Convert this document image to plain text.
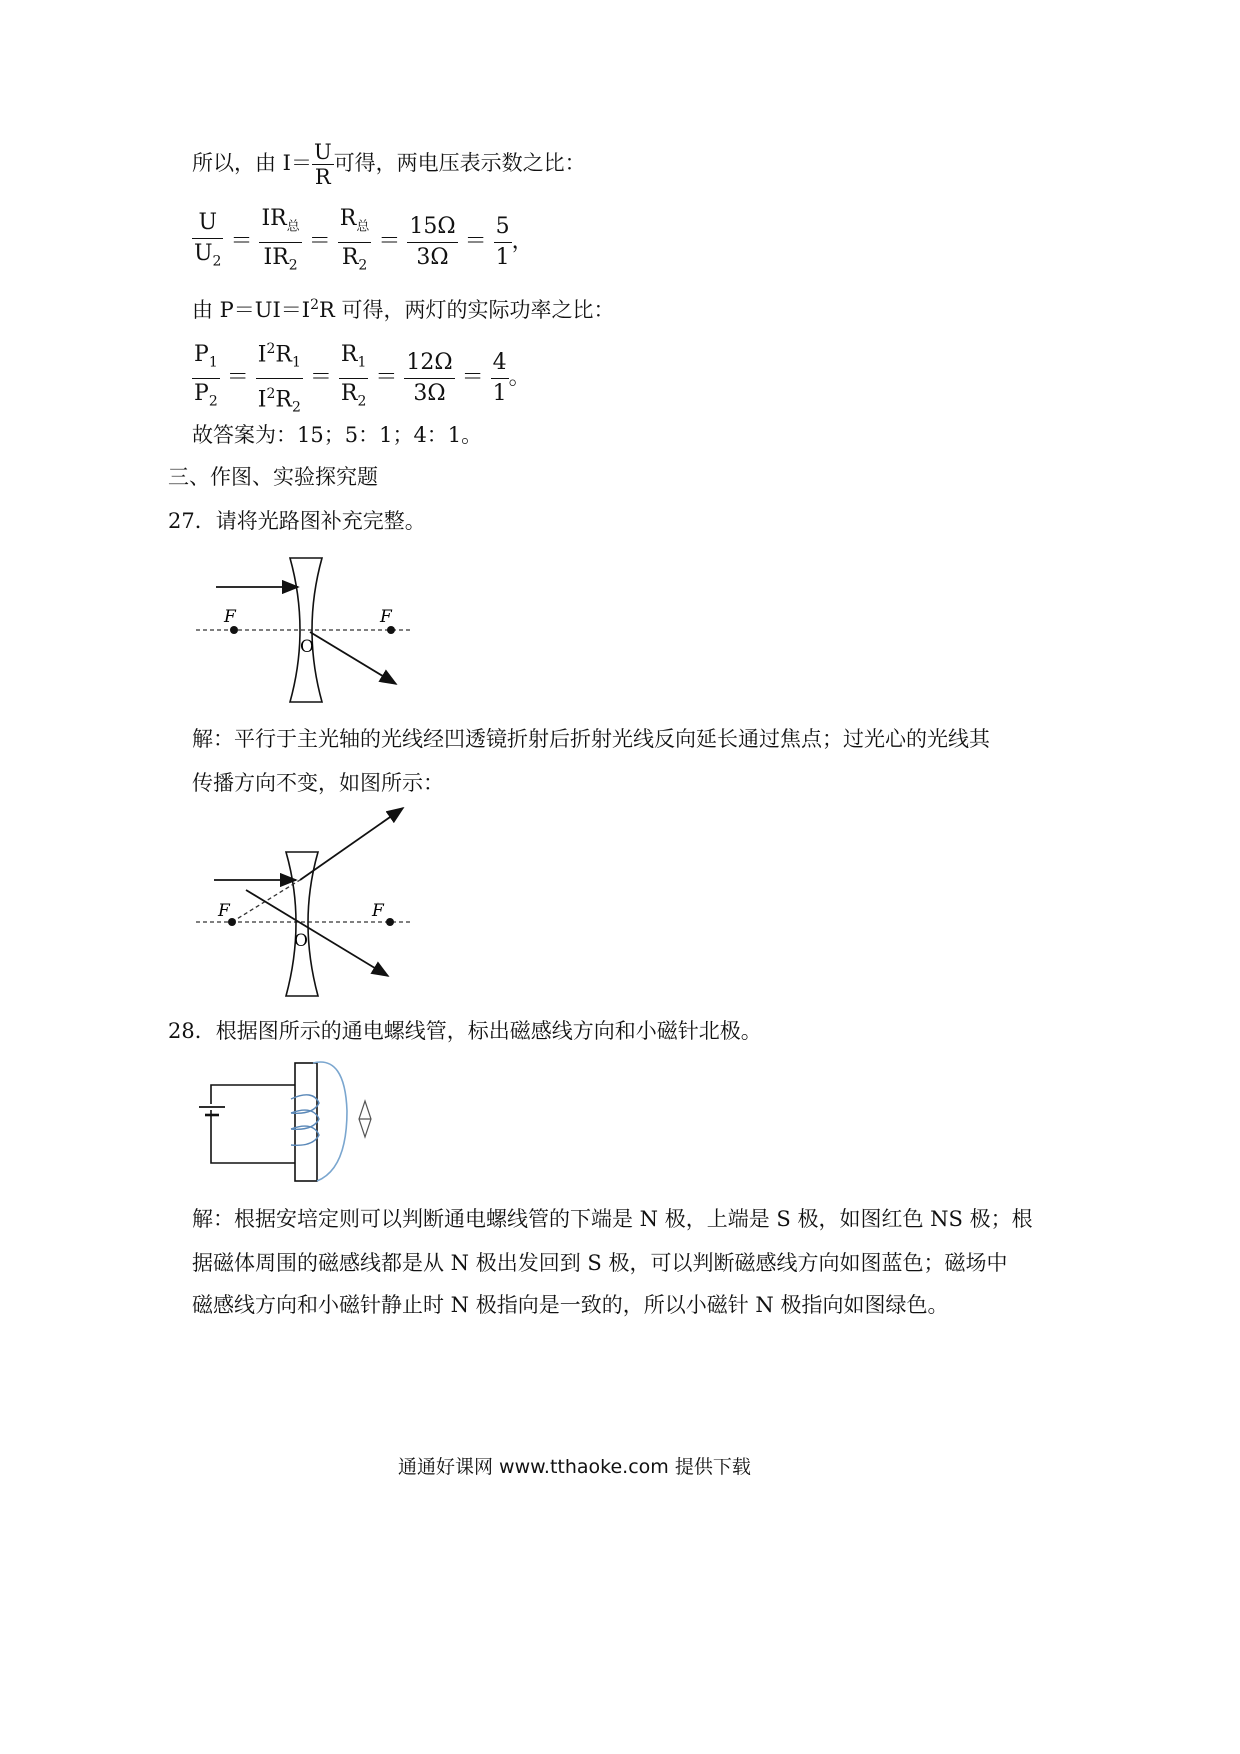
所以，由 $I= \frac{U}{R}$ 可得，两电压表示数之比：
$\frac{U}{U_2} = \frac{IR_总}{IR_2} = \frac{R_总}{R_2} = \frac{15\Omega}{3\Omega} = \frac{5}{1}$ ，
由 $P=UI=I^2R$ 可得，两灯的实际功率之比：
$\frac{P_1}{P_2} = \frac{I^2R_1}{I^2R_2} = \frac{R_1}{R_2} = \frac{12\Omega}{3\Omega} = \frac{4}{1}$ 。
故答案为：15；5：1；4：1。
三、作图、实验探究题
27．请将光路图补充完整。
F	F
O
解：平行于主光轴的光线经凹透镜折射后折射光线反向延长通过焦点；过光心的光线其
传播方向不变，如图所示：
F	F
O
28．根据图所示的通电螺线管，标出磁感线方向和小磁针北极。
解：根据安培定则可以判断通电螺线管的下端是 N 极，上端是 S 极，如图红色 NS 极；根
据磁体周围的磁感线都是从 N 极出发回到 S 极，可以判断磁感线方向如图蓝色；磁场中
磁感线方向和小磁针静止时 N 极指向是一致的，所以小磁针 N 极指向如图绿色。
通通好课网 www.tthaoke.com 提供下载
